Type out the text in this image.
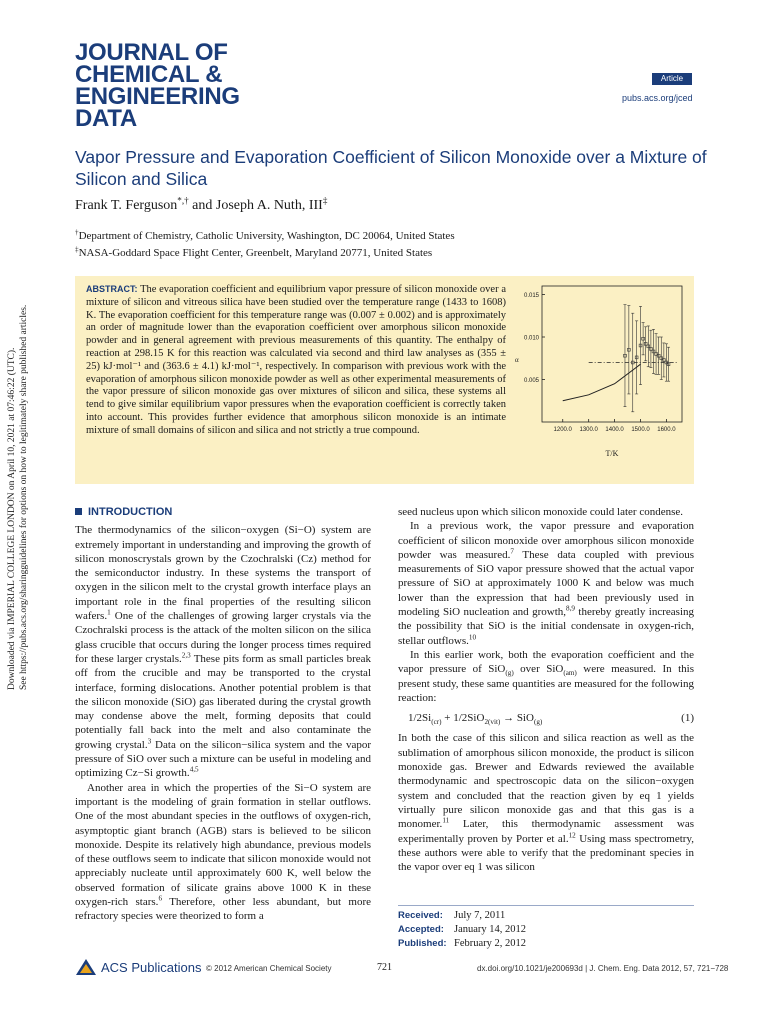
Downloaded via IMPERIAL COLLEGE LONDON on April 10, 2021 at 07:46:22 (UTC). See https://pubs.acs.org/sharingguidelines for options on how to legitimately share published articles.
JOURNAL OF
CHEMICAL &
ENGINEERING
DATA
Article
pubs.acs.org/jced
Vapor Pressure and Evaporation Coefficient of Silicon Monoxide over a Mixture of Silicon and Silica
Frank T. Ferguson*,† and Joseph A. Nuth, III‡
†Department of Chemistry, Catholic University, Washington, DC 20064, United States
‡NASA-Goddard Space Flight Center, Greenbelt, Maryland 20771, United States
ABSTRACT: The evaporation coefficient and equilibrium vapor pressure of silicon monoxide over a mixture of silicon and vitreous silica have been studied over the temperature range (1433 to 1608) K. The evaporation coefficient for this temperature range was (0.007 ± 0.002) and is approximately an order of magnitude lower than the evaporation coefficient over amorphous silicon monoxide powder and in general agreement with previous measurements of this quantity. The enthalpy of reaction at 298.15 K for this reaction was calculated via second and third law analyses as (355 ± 25) kJ·mol⁻¹ and (363.6 ± 4.1) kJ·mol⁻¹, respectively. In comparison with previous work with the evaporation of amorphous silicon monoxide powder as well as other experimental measurements of the vapor pressure of silicon monoxide gas over mixtures of silicon and silica, these systems all tend to give similar equilibrium vapor pressures when the evaporation coefficient is correctly taken into account. This provides further evidence that amorphous silicon monoxide is an intimate mixture of small domains of silicon and silica and not strictly a true compound.
0.015
0.010
0.005
1200.0 1300.0 1400.0 1500.0 1600.0
α
T/K
INTRODUCTION

The thermodynamics of the silicon−oxygen (Si−O) system are extremely important in understanding and improving the growth of silicon monoscrystals grown by the Czochralski (Cz) method for the semiconductor industry. In these systems the transport of oxygen in the silicon melt to the crystal growth interface plays an important role in the final properties of the resulting silicon wafers.$^1$ One of the challenges of growing larger crystals via the Czochralski process is the attack of the molten silicon on the silica glass crucible that occurs during the longer process times required for these larger crystals.$^{2,3}$ These pits form as small particles break off from the crucible and may be transported to the crystal interface, forming dislocations. Another potential problem is that the silicon monoxide (SiO) gas liberated during the crystal growth may condense above the melt, forming deposits that could potentially fall back into the melt and also contaminate the growing crystal.$^3$ Data on the silicon−silica system and the vapor pressure of SiO over such a mixture can be useful in modeling and optimizing Cz−Si growth.$^{4,5}$

Another area in which the properties of the Si−O system are important is the modeling of grain formation in stellar outflows. One of the most abundant species in the outflows of oxygen-rich, asymptoptic giant branch (AGB) stars is believed to be silicon monoxide. Despite its relatively high abundance, previous models of these outflows seem to indicate that silicon monoxide would not appreciably nucleate until approximately 600 K, well below the observed formation of silicate grains above 1000 K in these oxygen-rich stars.$^6$ Therefore, other less abundant, but more refractory species were theorized to form a

seed nucleus upon which silicon monoxide could later condense.

In a previous work, the vapor pressure and evaporation coefficient of silicon monoxide over amorphous silicon monoxide powder was measured.$^7$ These data coupled with previous measurements of SiO vapor pressure showed that the actual vapor pressure of SiO at approximately 1000 K and below was much lower than the expression that had been previously used in modeling SiO nucleation and growth,$^{8,9}$ thereby greatly increasing the possibility that SiO is the initial condensate in oxygen-rich, stellar outflows.$^{10}$

In this earlier work, both the evaporation coefficient and the vapor pressure of SiO$_{(g)}$ over SiO$_{(am)}$ were measured. In this present study, these same quantities are measured for the following reaction:

$1/2Si_{(cr)} + 1/2SiO_{2(vit)} \to SiO_{(g)}$	(1)

In both the case of this silicon and silica reaction as well as the sublimation of amorphous silicon monoxide, the product is silicon monoxide gas. Brewer and Edwards reviewed the available thermodynamic and spectroscopic data on the silicon−oxygen system and concluded that the reaction given by eq 1 yields virtually pure silicon monoxide gas and that this gas is a monomer.$^{11}$ Later, this thermodynamic assessment was experimentally proven by Porter et al.$^{12}$ Using mass spectrometry, these authors were able to verify that the predominant species in the vapor over eq 1 was silicon

Received: July 7, 2011
Accepted: January 14, 2012
Published: February 2, 2012
ACS Publications © 2012 American Chemical Society	721	dx.doi.org/10.1021/je200693d | J. Chem. Eng. Data 2012, 57, 721−728
